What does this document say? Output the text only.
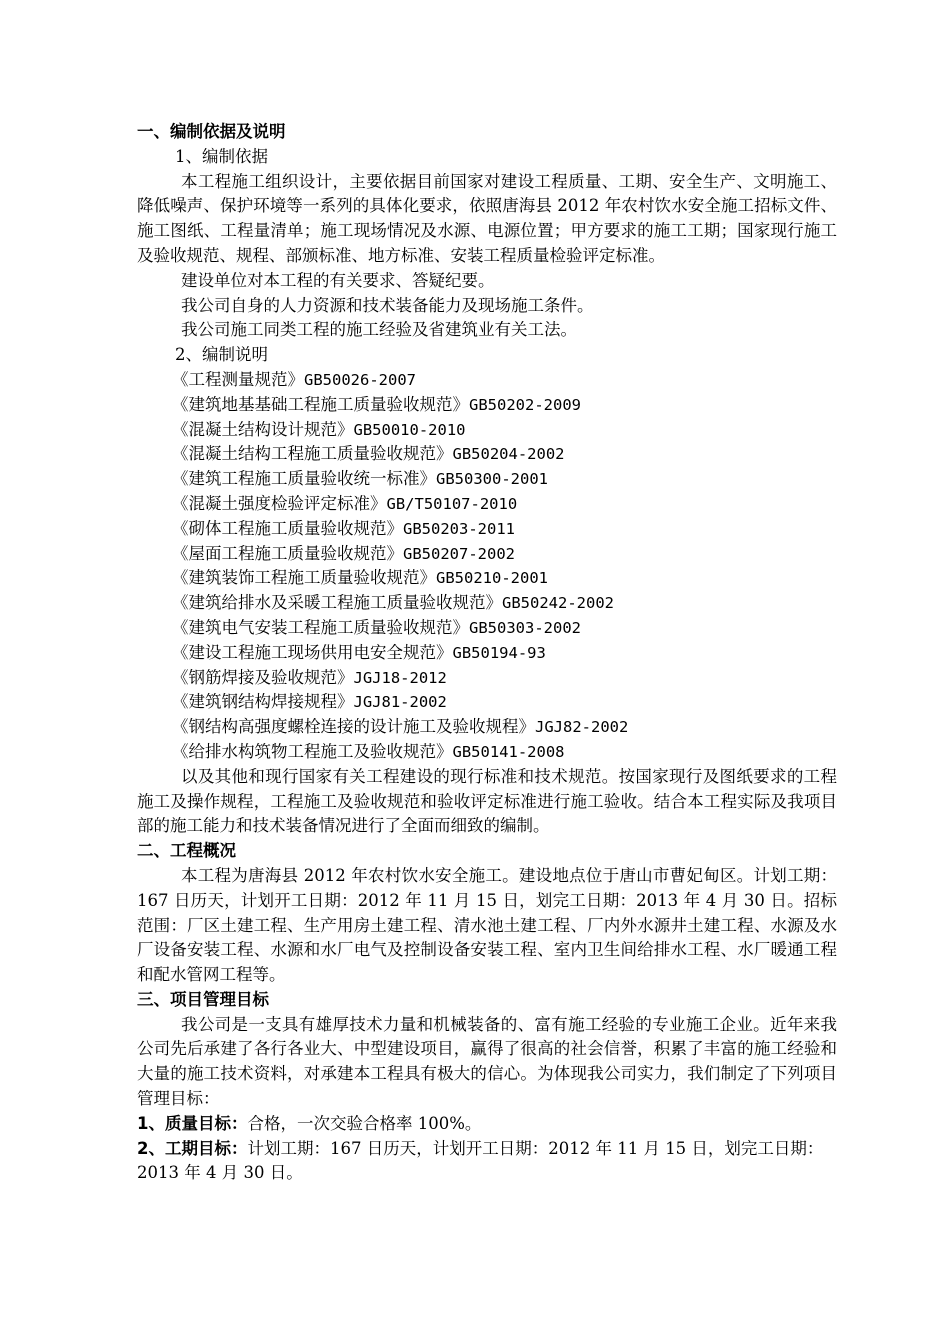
一、编制依据及说明
1、编制依据
本工程施工组织设计，主要依据目前国家对建设工程质量、工期、安全生产、文明施工、降低噪声、保护环境等一系列的具体化要求，依照唐海县 2012 年农村饮水安全施工招标文件、施工图纸、工程量清单；施工现场情况及水源、电源位置；甲方要求的施工工期；国家现行施工及验收规范、规程、部颁标准、地方标准、安装工程质量检验评定标准。
建设单位对本工程的有关要求、答疑纪要。
我公司自身的人力资源和技术装备能力及现场施工条件。
我公司施工同类工程的施工经验及省建筑业有关工法。
2、编制说明
《工程测量规范》GB50026-2007
《建筑地基基础工程施工质量验收规范》GB50202-2009
《混凝土结构设计规范》GB50010-2010
《混凝土结构工程施工质量验收规范》GB50204-2002
《建筑工程施工质量验收统一标准》GB50300-2001
《混凝土强度检验评定标准》GB/T50107-2010
《砌体工程施工质量验收规范》GB50203-2011
《屋面工程施工质量验收规范》GB50207-2002
《建筑装饰工程施工质量验收规范》GB50210-2001
《建筑给排水及采暖工程施工质量验收规范》GB50242-2002
《建筑电气安装工程施工质量验收规范》GB50303-2002
《建设工程施工现场供用电安全规范》GB50194-93
《钢筋焊接及验收规范》JGJ18-2012
《建筑钢结构焊接规程》JGJ81-2002
《钢结构高强度螺栓连接的设计施工及验收规程》JGJ82-2002
《给排水构筑物工程施工及验收规范》GB50141-2008
以及其他和现行国家有关工程建设的现行标准和技术规范。按国家现行及图纸要求的工程施工及操作规程，工程施工及验收规范和验收评定标准进行施工验收。结合本工程实际及我项目部的施工能力和技术装备情况进行了全面而细致的编制。
二、工程概况
本工程为唐海县 2012 年农村饮水安全施工。建设地点位于唐山市曹妃甸区。计划工期：167 日历天，计划开工日期：2012 年 11 月 15 日，划完工日期：2013 年 4 月 30 日。招标范围：厂区土建工程、生产用房土建工程、清水池土建工程、厂内外水源井土建工程、水源及水厂设备安装工程、水源和水厂电气及控制设备安装工程、室内卫生间给排水工程、水厂暖通工程和配水管网工程等。
三、项目管理目标
我公司是一支具有雄厚技术力量和机械装备的、富有施工经验的专业施工企业。近年来我公司先后承建了各行各业大、中型建设项目，赢得了很高的社会信誉，积累了丰富的施工经验和大量的施工技术资料，对承建本工程具有极大的信心。为体现我公司实力，我们制定了下列项目管理目标：
1、质量目标：合格，一次交验合格率 100%。
2、工期目标：计划工期：167 日历天，计划开工日期：2012 年 11 月 15 日，划完工日期：2013 年 4 月 30 日。
